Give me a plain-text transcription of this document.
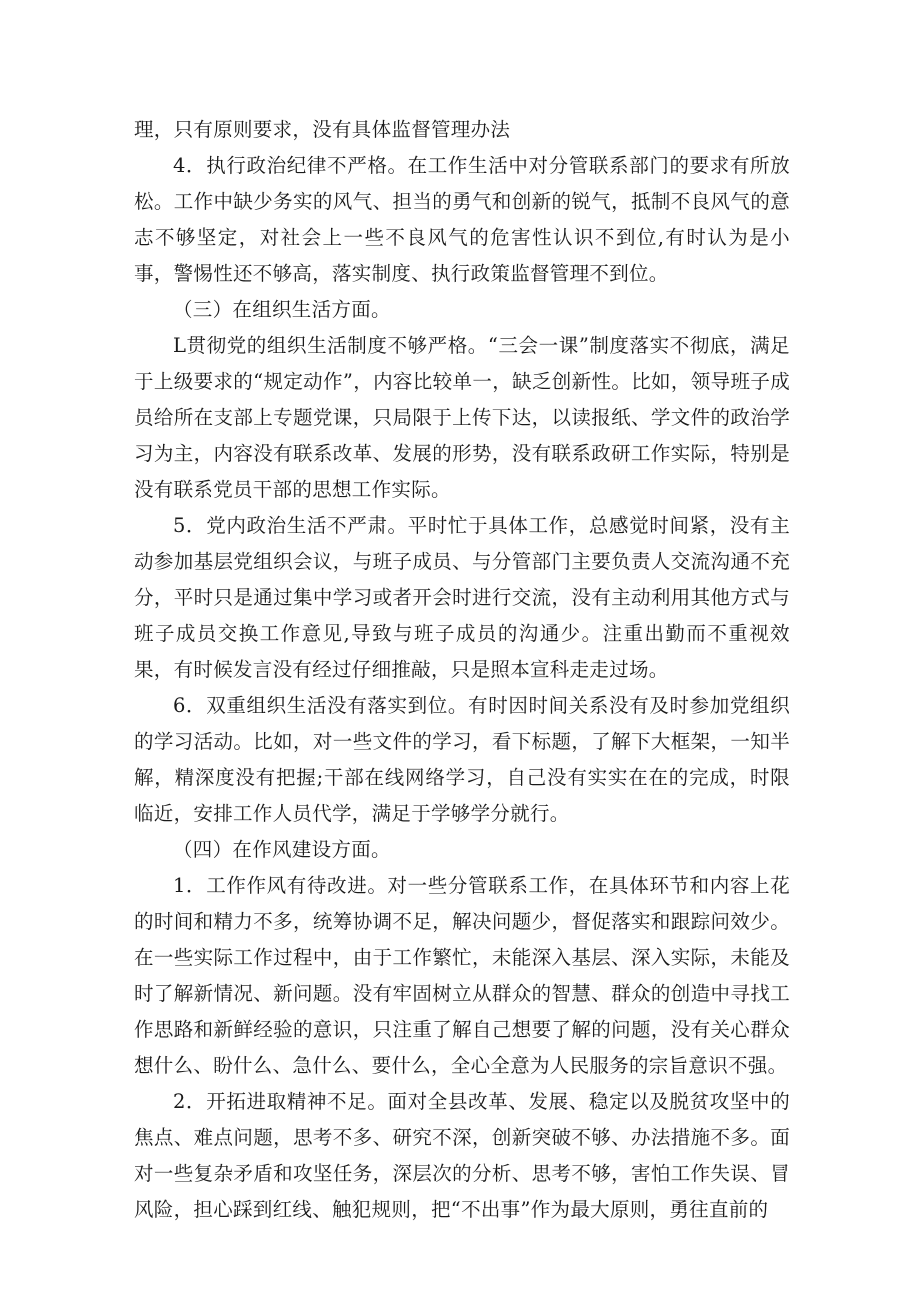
理，只有原则要求，没有具体监督管理办法

4．执行政治纪律不严格。在工作生活中对分管联系部门的要求有所放松。工作中缺少务实的风气、担当的勇气和创新的锐气，抵制不良风气的意志不够坚定，对社会上一些不良风气的危害性认识不到位,有时认为是小事，警惕性还不够高，落实制度、执行政策监督管理不到位。

（三）在组织生活方面。

L贯彻党的组织生活制度不够严格。“三会一课”制度落实不彻底，满足于上级要求的“规定动作”，内容比较单一，缺乏创新性。比如，领导班子成员给所在支部上专题党课，只局限于上传下达，以读报纸、学文件的政治学习为主，内容没有联系改革、发展的形势，没有联系政研工作实际，特别是没有联系党员干部的思想工作实际。

5．党内政治生活不严肃。平时忙于具体工作，总感觉时间紧，没有主动参加基层党组织会议，与班子成员、与分管部门主要负责人交流沟通不充分，平时只是通过集中学习或者开会时进行交流，没有主动利用其他方式与班子成员交换工作意见,导致与班子成员的沟通少。注重出勤而不重视效果，有时候发言没有经过仔细推敲，只是照本宣科走走过场。

6．双重组织生活没有落实到位。有时因时间关系没有及时参加党组织的学习活动。比如，对一些文件的学习，看下标题，了解下大框架，一知半解，精深度没有把握;干部在线网络学习，自己没有实实在在的完成，时限临近，安排工作人员代学，满足于学够学分就行。

（四）在作风建设方面。

1．工作作风有待改进。对一些分管联系工作，在具体环节和内容上花的时间和精力不多，统筹协调不足，解决问题少，督促落实和跟踪问效少。在一些实际工作过程中，由于工作繁忙，未能深入基层、深入实际，未能及时了解新情况、新问题。没有牢固树立从群众的智慧、群众的创造中寻找工作思路和新鲜经验的意识，只注重了解自己想要了解的问题，没有关心群众想什么、盼什么、急什么、要什么，全心全意为人民服务的宗旨意识不强。

2．开拓进取精神不足。面对全县改革、发展、稳定以及脱贫攻坚中的焦点、难点问题，思考不多、研究不深，创新突破不够、办法措施不多。面对一些复杂矛盾和攻坚任务，深层次的分析、思考不够，害怕工作失误、冒风险，担心踩到红线、触犯规则，把“不出事”作为最大原则，勇往直前的
